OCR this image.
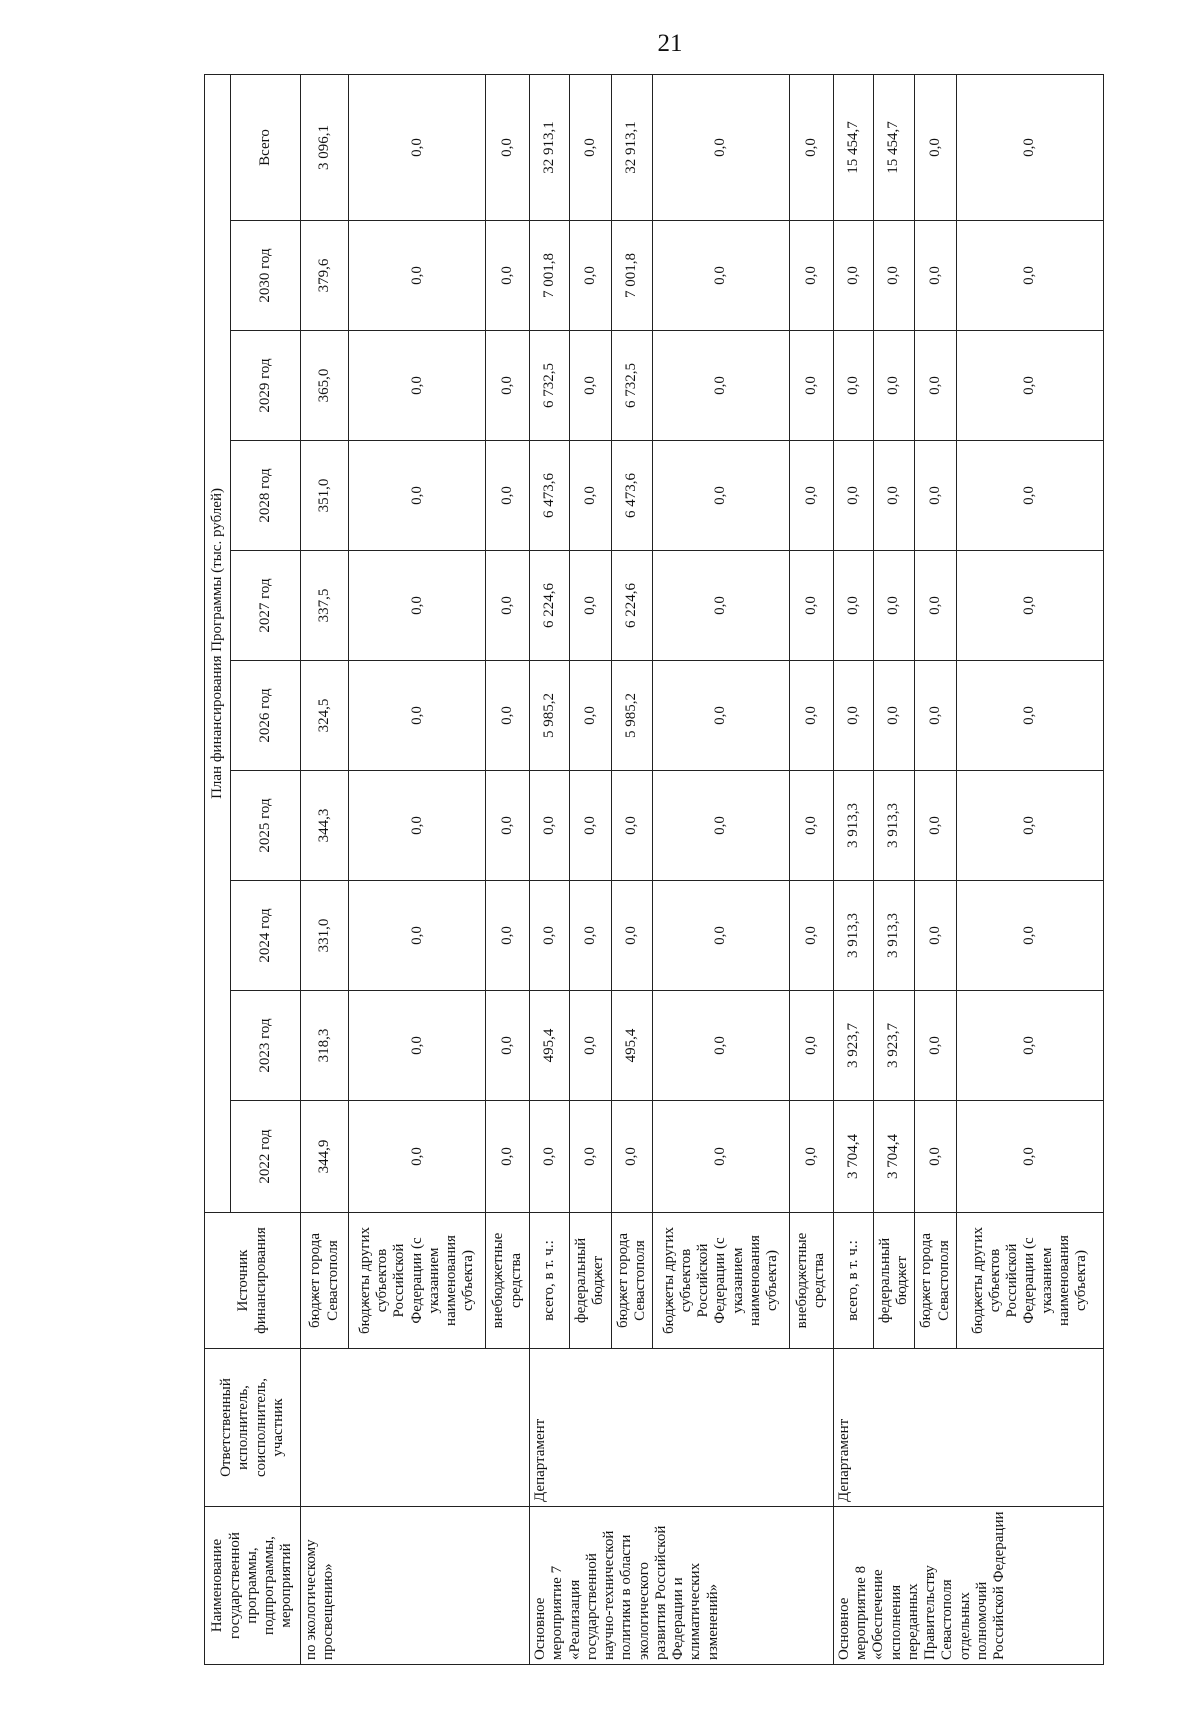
21
Наименование государственной программы, подпрограммы, мероприятий	Ответственный исполнитель, соисполнитель, участник	Источник финансирования	План финансирования Программы (тыс. рублей)									
			2022 год	2023 год	2024 год	2025 год	2026 год	2027 год	2028 год	2029 год	2030 год	Всего
по экологическому просвещению»		бюджет города Севастополя	344,9	318,3	331,0	344,3	324,5	337,5	351,0	365,0	379,6	3 096,1
		бюджеты других субъектов Российской Федерации (с указанием наименования субъекта)	0,0	0,0	0,0	0,0	0,0	0,0	0,0	0,0	0,0	0,0
		внебюджетные средства	0,0	0,0	0,0	0,0	0,0	0,0	0,0	0,0	0,0	0,0
Основное мероприятие 7 «Реализация государственной научно-технической политики в области экологического развития Российской Федерации и климатических изменений»	Департамент	всего, в т. ч.:	0,0	495,4	0,0	0,0	5 985,2	6 224,6	6 473,6	6 732,5	7 001,8	32 913,1
		федеральный бюджет	0,0	0,0	0,0	0,0	0,0	0,0	0,0	0,0	0,0	0,0
		бюджет города Севастополя	0,0	495,4	0,0	0,0	5 985,2	6 224,6	6 473,6	6 732,5	7 001,8	32 913,1
		бюджеты других субъектов Российской Федерации (с указанием наименования субъекта)	0,0	0,0	0,0	0,0	0,0	0,0	0,0	0,0	0,0	0,0
		внебюджетные средства	0,0	0,0	0,0	0,0	0,0	0,0	0,0	0,0	0,0	0,0
Основное мероприятие 8 «Обеспечение исполнения переданных Правительству Севастополя отдельных полномочий Российской Федерации	Департамент	всего, в т. ч.:	3 704,4	3 923,7	3 913,3	3 913,3	0,0	0,0	0,0	0,0	0,0	15 454,7
		федеральный бюджет	3 704,4	3 923,7	3 913,3	3 913,3	0,0	0,0	0,0	0,0	0,0	15 454,7
		бюджет города Севастополя	0,0	0,0	0,0	0,0	0,0	0,0	0,0	0,0	0,0	0,0
		бюджеты других субъектов Российской Федерации (с указанием наименования субъекта)	0,0	0,0	0,0	0,0	0,0	0,0	0,0	0,0	0,0	0,0
